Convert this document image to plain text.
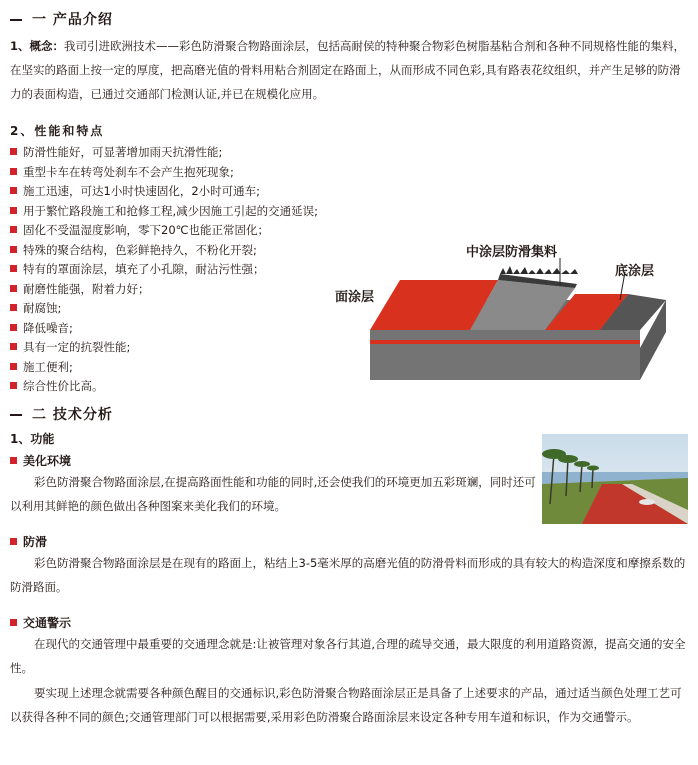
一 产品介绍
1、概念：我司引进欧洲技术——彩色防滑聚合物路面涂层，包括高耐侯的特种聚合物彩色树脂基粘合剂和各种不同规格性能的集料，在坚实的路面上按一定的厚度，把高磨光值的骨料用粘合剂固定在路面上，从而形成不同色彩,具有路表花纹组织，并产生足够的防滑力的表面构造，已通过交通部门检测认证,并已在规模化应用。
2、性能和特点
防滑性能好，可显著增加雨天抗滑性能;
重型卡车在转弯处刹车不会产生抱死现象;
施工迅速，可达1小时快速固化，2小时可通车;
用于繁忙路段施工和抢修工程,减少因施工引起的交通延误;
固化不受温湿度影响，零下20℃也能正常固化；
特殊的聚合结构，色彩鲜艳持久，不粉化开裂;
特有的罩面涂层，填充了小孔隙，耐沾污性强；
耐磨性能强，附着力好；
耐腐蚀;
降低噪音;
具有一定的抗裂性能;
施工便利;
综合性价比高。
中涂层防滑集料
面涂层
底涂层
二 技术分析
1、功能
美化环境
彩色防滑聚合物路面涂层,在提高路面性能和功能的同时,还会使我们的环境更加五彩斑斓，同时还可以利用其鲜艳的颜色做出各种图案来美化我们的环境。
防滑
彩色防滑聚合物路面涂层是在现有的路面上，粘结上3-5毫米厚的高磨光值的防滑骨料而形成的具有较大的构造深度和摩擦系数的防滑路面。
交通警示
在现代的交通管理中最重要的交通理念就是:让被管理对象各行其道,合理的疏导交通，最大限度的利用道路资源，提高交通的安全性。
要实现上述理念就需要各种颜色醒目的交通标识,彩色防滑聚合物路面涂层正是具备了上述要求的产品，通过适当颜色处理工艺可以获得各种不同的颜色;交通管理部门可以根据需要,采用彩色防滑聚合路面涂层来设定各种专用车道和标识，作为交通警示。
